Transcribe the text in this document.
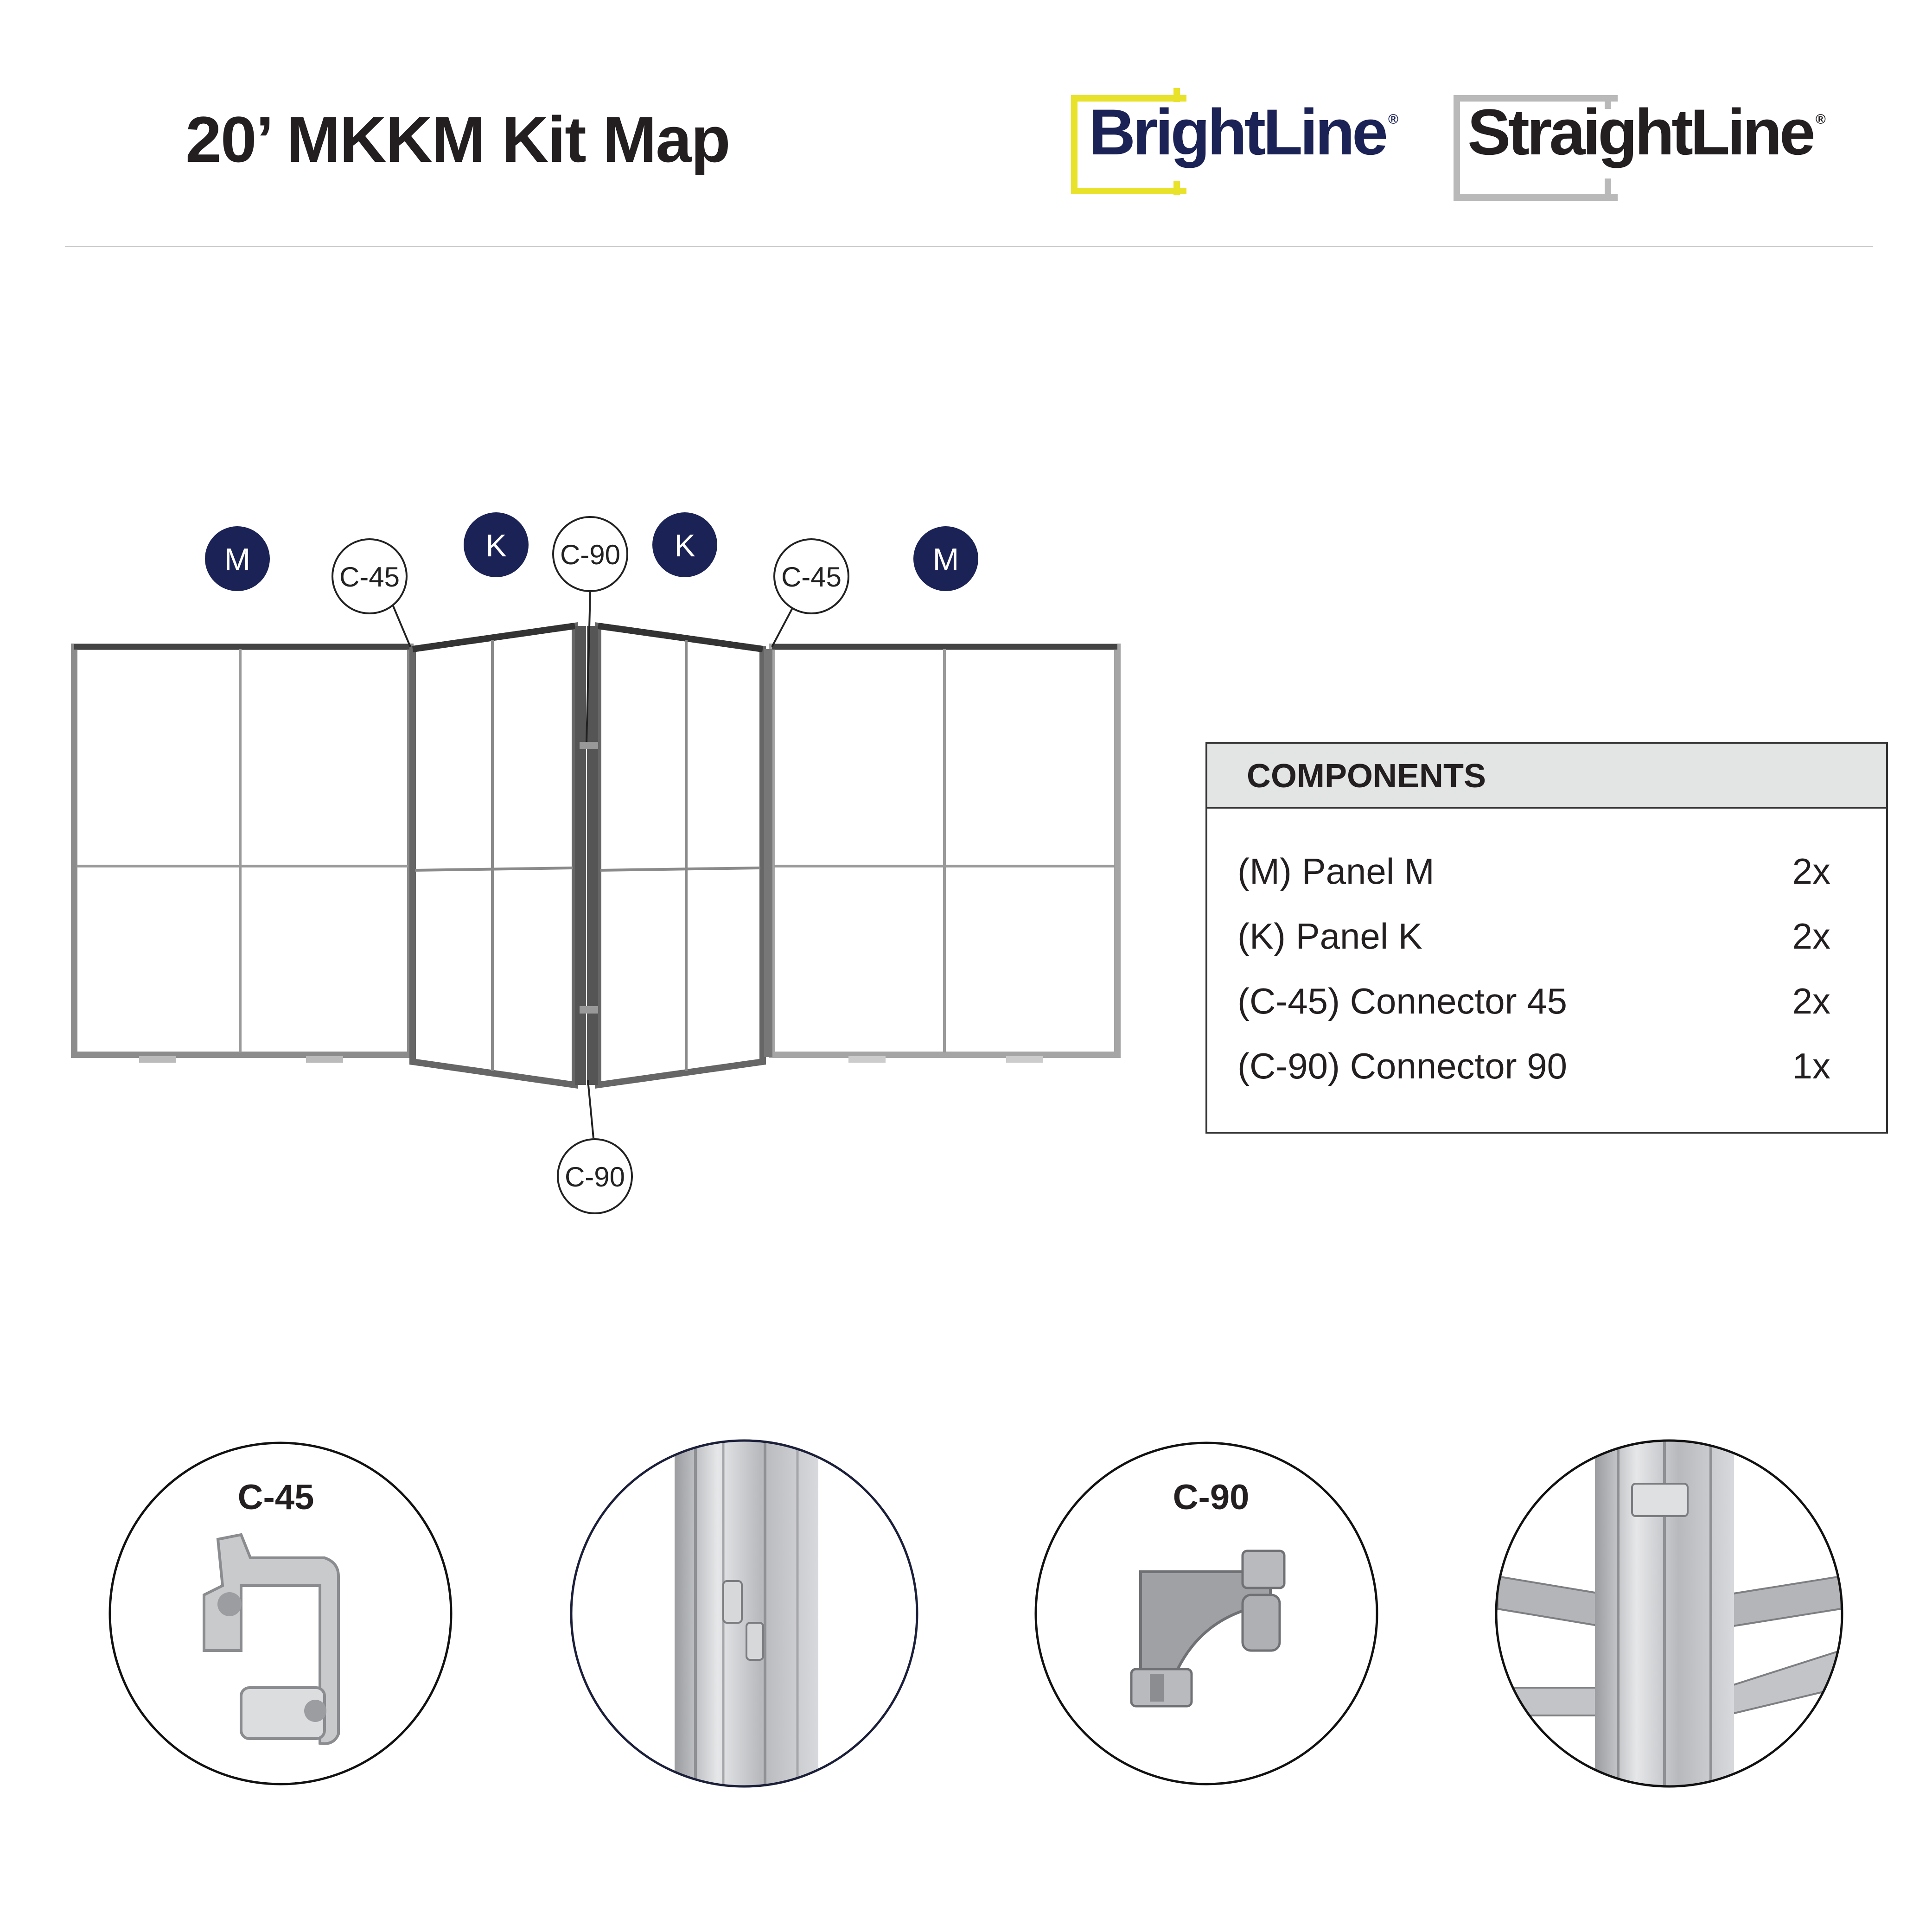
20’ MKKM Kit Map	BrightLine ® StraightLine ®
M	K	K	M
C-45
C-90
C-45
C-90
COMPONENTS
(M) Panel M	2x
(K) Panel K	2x
(C-45) Connector 45	2x
(C-90) Connector 90	1x
C-45	C-90
